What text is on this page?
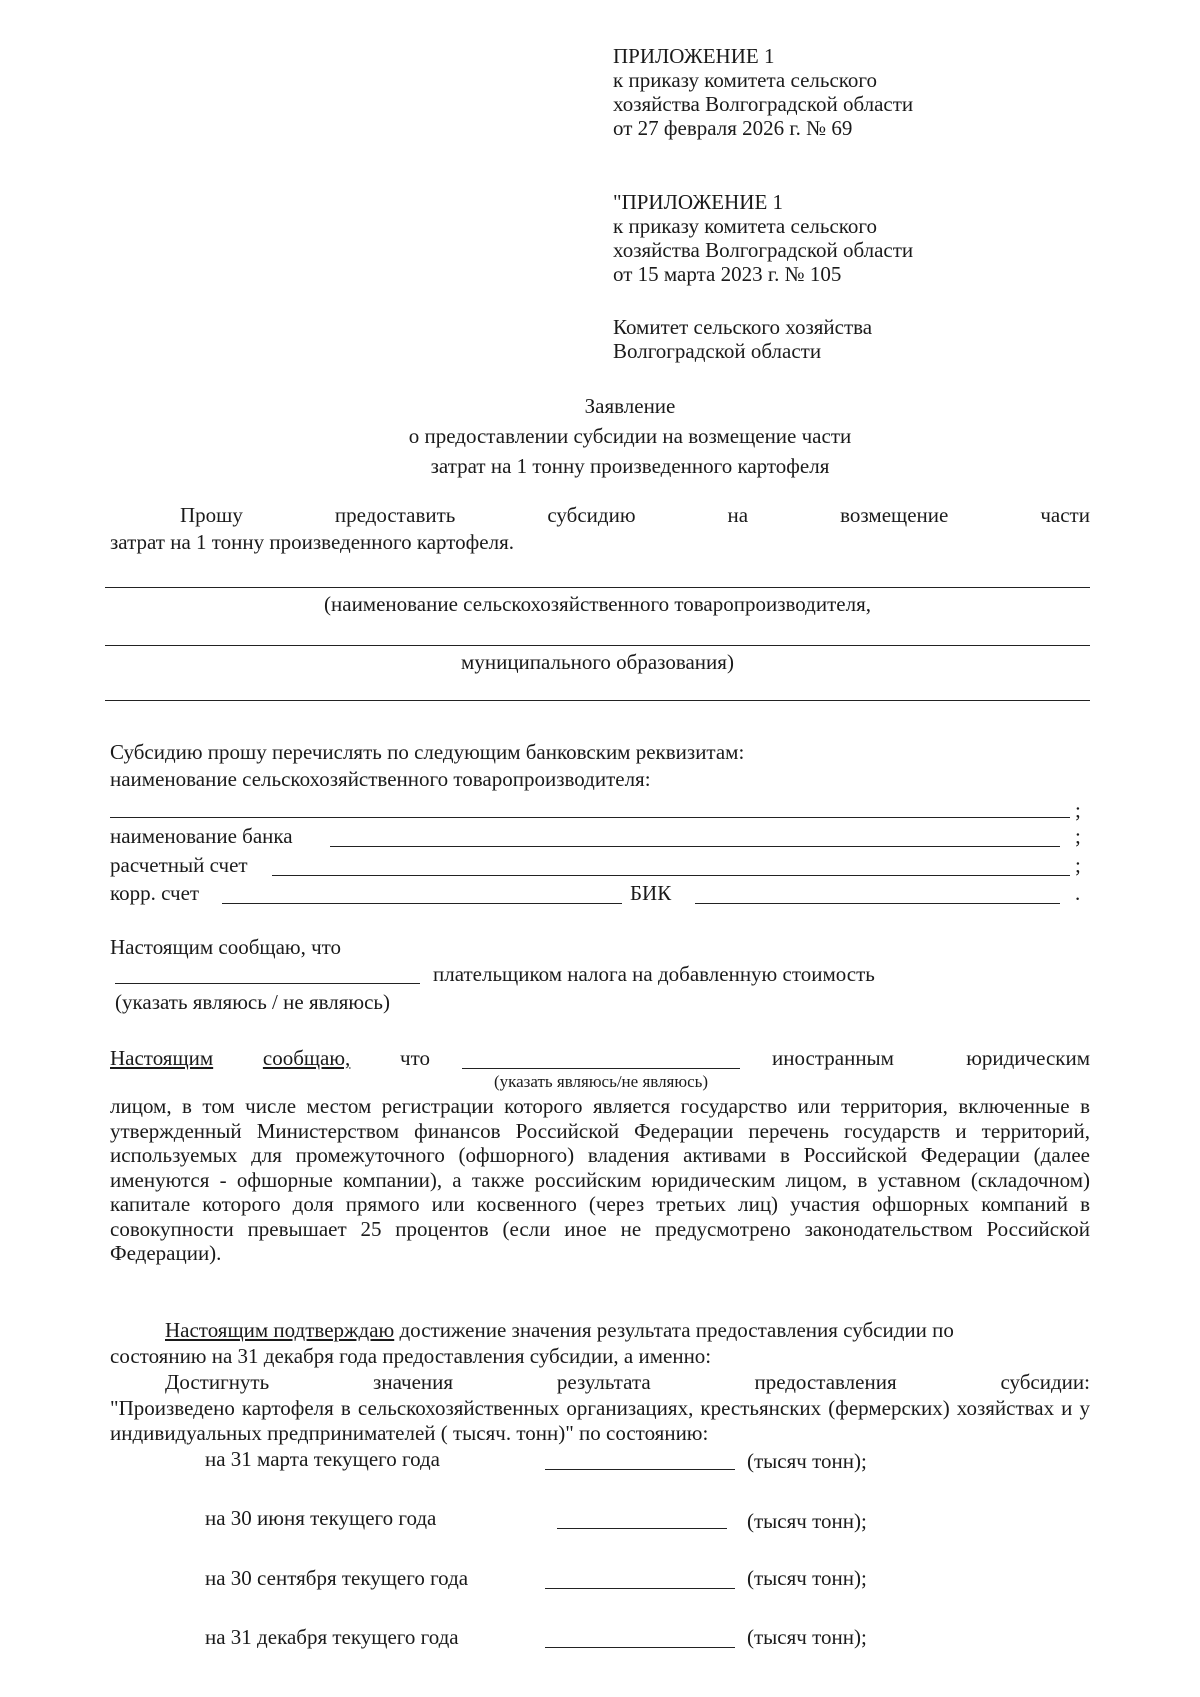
ПРИЛОЖЕНИЕ 1
к приказу комитета сельского
хозяйства Волгоградской области
от 27 февраля 2026 г. № 69
"ПРИЛОЖЕНИЕ 1
к приказу комитета сельского
хозяйства Волгоградской области
от 15 марта 2023 г. № 105
Комитет сельского хозяйства
Волгоградской области
Заявление
о предоставлении субсидии на возмещение части
затрат на 1 тонну произведенного картофеля
Прошу	предоставить	субсидию	на	возмещение	части
затрат на 1 тонну произведенного картофеля.
(наименование сельскохозяйственного товаропроизводителя,
муниципального образования)
Субсидию прошу перечислять по следующим банковским реквизитам:
наименование сельскохозяйственного товаропроизводителя:
;
наименование банка	;
расчетный счет	;
корр. счет	БИК	.
Настоящим сообщаю, что
плательщиком налога на добавленную стоимость
(указать являюсь / не являюсь)
Настоящим сообщаю, что	иностранным	юридическим
(указать являюсь/не являюсь)
лицом, в том числе местом регистрации которого является государство или территория, включенные в утвержденный Министерством финансов Российской Федерации перечень государств и территорий, используемых для промежуточного (офшорного) владения активами в Российской Федерации (далее именуются - офшорные компании), а также российским юридическим лицом, в уставном (складочном) капитале которого доля прямого или косвенного (через третьих лиц) участия офшорных компаний в совокупности превышает 25 процентов (если иное не предусмотрено законодательством Российской Федерации).
Настоящим подтверждаю достижение значения результата предоставления субсидии по
состоянию на 31 декабря года предоставления субсидии, а именно:
Достигнуть	значения	результата	предоставления	субсидии:
"Произведено картофеля в сельскохозяйственных организациях, крестьянских (фермерских) хозяйствах и у индивидуальных предпринимателей ( тысяч. тонн)" по состоянию:
на 31 марта текущего года	(тысяч тонн);
на 30 июня текущего года	(тысяч тонн);
на 30 сентября текущего года	(тысяч тонн);
на 31 декабря текущего года	(тысяч тонн);
